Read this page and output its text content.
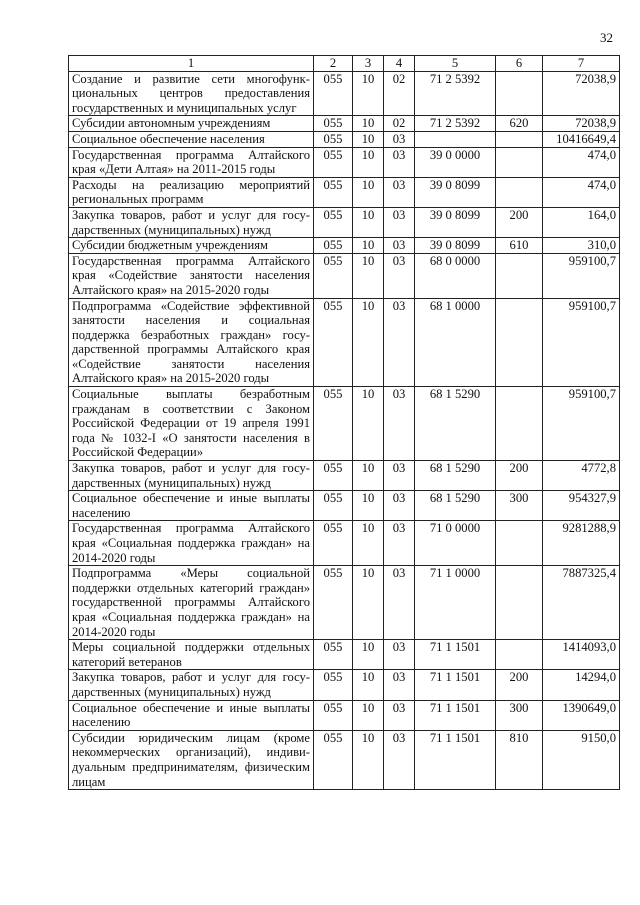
32
1	2	3	4	5	6	7
Создание и развитие сети многофункциональных центров предоставления государственных и муниципальных услуг	055	10	02	71 2 5392		72038,9
Субсидии автономным учреждениям	055	10	02	71 2 5392	620	72038,9
Социальное обеспечение населения	055	10	03			10416649,4
Государственная программа Алтайского края «Дети Алтая» на 2011-2015 годы	055	10	03	39 0 0000		474,0
Расходы на реализацию мероприятий региональных программ	055	10	03	39 0 8099		474,0
Закупка товаров, работ и услуг для государственных (муниципальных) нужд	055	10	03	39 0 8099	200	164,0
Субсидии бюджетным учреждениям	055	10	03	39 0 8099	610	310,0
Государственная программа Алтайского края «Содействие занятости населения Алтайского края» на 2015-2020 годы	055	10	03	68 0 0000		959100,7
Подпрограмма «Содействие эффективной занятости населения и социальная поддержка безработных граждан» государственной программы Алтайского края «Содействие занятости населения Алтайского края» на 2015-2020 годы	055	10	03	68 1 0000		959100,7
Социальные выплаты безработным гражданам в соответствии с Законом Российской Федерации от 19 апреля 1991 года № 1032-I «О занятости населения в Российской Федерации»	055	10	03	68 1 5290		959100,7
Закупка товаров, работ и услуг для государственных (муниципальных) нужд	055	10	03	68 1 5290	200	4772,8
Социальное обеспечение и иные выплаты населению	055	10	03	68 1 5290	300	954327,9
Государственная программа Алтайского края «Социальная поддержка граждан» на 2014-2020 годы	055	10	03	71 0 0000		9281288,9
Подпрограмма «Меры социальной поддержки отдельных категорий граждан» государственной программы Алтайского края «Социальная поддержка граждан» на 2014-2020 годы	055	10	03	71 1 0000		7887325,4
Меры социальной поддержки отдельных категорий ветеранов	055	10	03	71 1 1501		1414093,0
Закупка товаров, работ и услуг для государственных (муниципальных) нужд	055	10	03	71 1 1501	200	14294,0
Социальное обеспечение и иные выплаты населению	055	10	03	71 1 1501	300	1390649,0
Субсидии юридическим лицам (кроме некоммерческих организаций), индивидуальным предпринимателям, физическим лицам	055	10	03	71 1 1501	810	9150,0
